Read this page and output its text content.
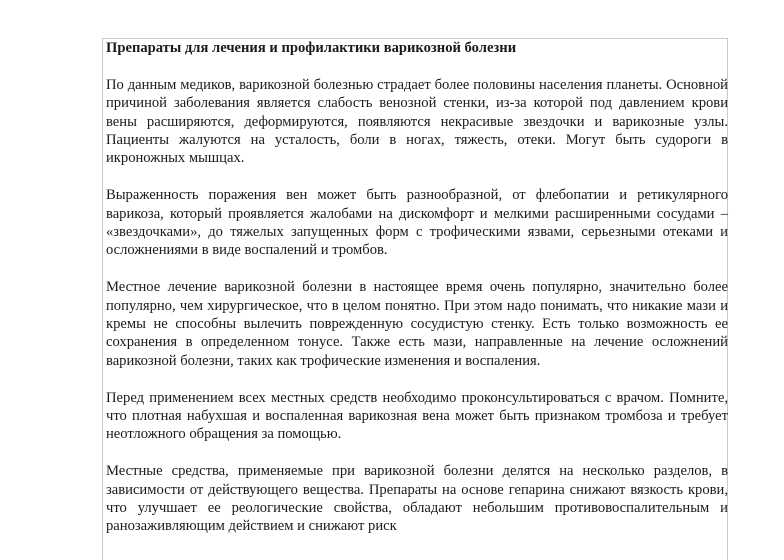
Препараты для лечения и профилактики варикозной болезни

По данным медиков, варикозной болезнью страдает более половины населения планеты. Основной причиной заболевания является слабость венозной стенки, из-за которой под давлением крови вены расширяются, деформируются, появляются некрасивые звездочки и варикозные узлы. Пациенты жалуются на усталость, боли в ногах, тяжесть, отеки. Могут быть судороги в икроножных мышцах.

Выраженность поражения вен может быть разнообразной, от флебопатии и ретикулярного варикоза, который проявляется жалобами на дискомфорт и мелкими расширенными сосудами – «звездочками», до тяжелых запущенных форм с трофическими язвами, серьезными отеками и осложнениями в виде воспалений и тромбов.

Местное лечение варикозной болезни в настоящее время очень популярно, значительно более популярно, чем хирургическое, что в целом понятно. При этом надо понимать, что никакие мази и кремы не способны вылечить поврежденную сосудистую стенку. Есть только возможность ее сохранения в определенном тонусе. Также есть мази, направленные на лечение осложнений варикозной болезни, таких как трофические изменения и воспаления.

Перед применением всех местных средств необходимо проконсультироваться с врачом. Помните, что плотная набухшая и воспаленная варикозная вена может быть признаком тромбоза и требует неотложного обращения за помощью.

Местные средства, применяемые при варикозной болезни делятся на несколько разделов, в зависимости от действующего вещества. Препараты на основе гепарина снижают вязкость крови, что улучшает ее реологические свойства, обладают небольшим противовоспалительным и ранозаживляющим действием и снижают риск
